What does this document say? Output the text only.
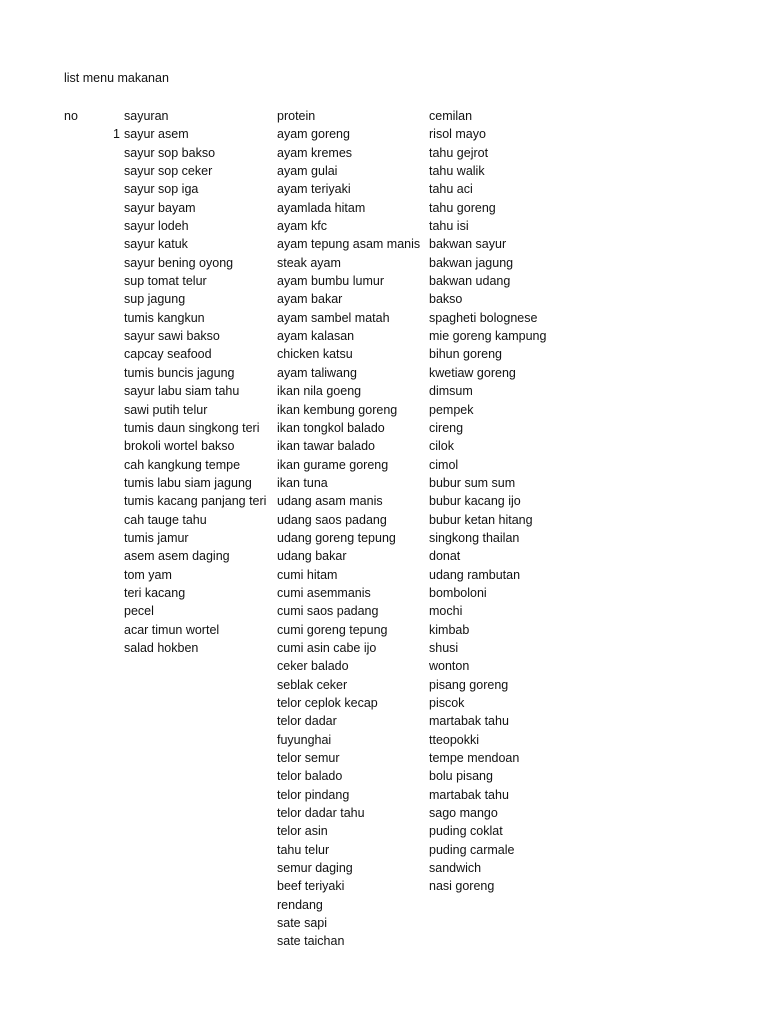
list menu makanan
no
1
sayuran
sayur asem
sayur sop bakso
sayur sop ceker
sayur sop iga
sayur bayam
sayur lodeh
sayur katuk
sayur bening oyong
sup tomat telur
sup jagung
tumis kangkun
sayur sawi bakso
capcay seafood
tumis buncis jagung
sayur labu siam tahu
sawi putih telur
tumis daun singkong teri
brokoli wortel bakso
cah kangkung tempe
tumis labu siam jagung
tumis kacang panjang teri
cah tauge tahu
tumis jamur
asem asem daging
tom yam
teri kacang
pecel
acar timun wortel
salad hokben
protein
ayam goreng
ayam kremes
ayam gulai
ayam teriyaki
ayamlada hitam
ayam kfc
ayam tepung asam manis
steak ayam
ayam bumbu lumur
ayam bakar
ayam sambel matah
ayam kalasan
chicken katsu
ayam taliwang
ikan nila goeng
ikan kembung goreng
ikan tongkol balado
ikan tawar balado
ikan gurame goreng
ikan tuna
udang asam manis
udang saos padang
udang goreng tepung
udang bakar
cumi hitam
cumi asemmanis
cumi saos padang
cumi goreng tepung
cumi asin cabe ijo
ceker balado
seblak ceker
telor ceplok kecap
telor dadar
fuyunghai
telor semur
telor balado
telor pindang
telor dadar tahu
telor asin
tahu telur
semur daging
beef teriyaki
rendang
sate sapi
sate taichan
cemilan
risol mayo
tahu gejrot
tahu walik
tahu aci
tahu goreng
tahu isi
bakwan sayur
bakwan jagung
bakwan udang
bakso
spagheti bolognese
mie goreng kampung
bihun goreng
kwetiaw goreng
dimsum
pempek
cireng
cilok
cimol
bubur sum sum
bubur kacang ijo
bubur ketan hitang
singkong thailan
donat
udang rambutan
bomboloni
mochi
kimbab
shusi
wonton
pisang goreng
piscok
martabak tahu
tteopokki
tempe mendoan
bolu pisang
martabak tahu
sago mango
puding coklat
puding carmale
sandwich
nasi goreng
